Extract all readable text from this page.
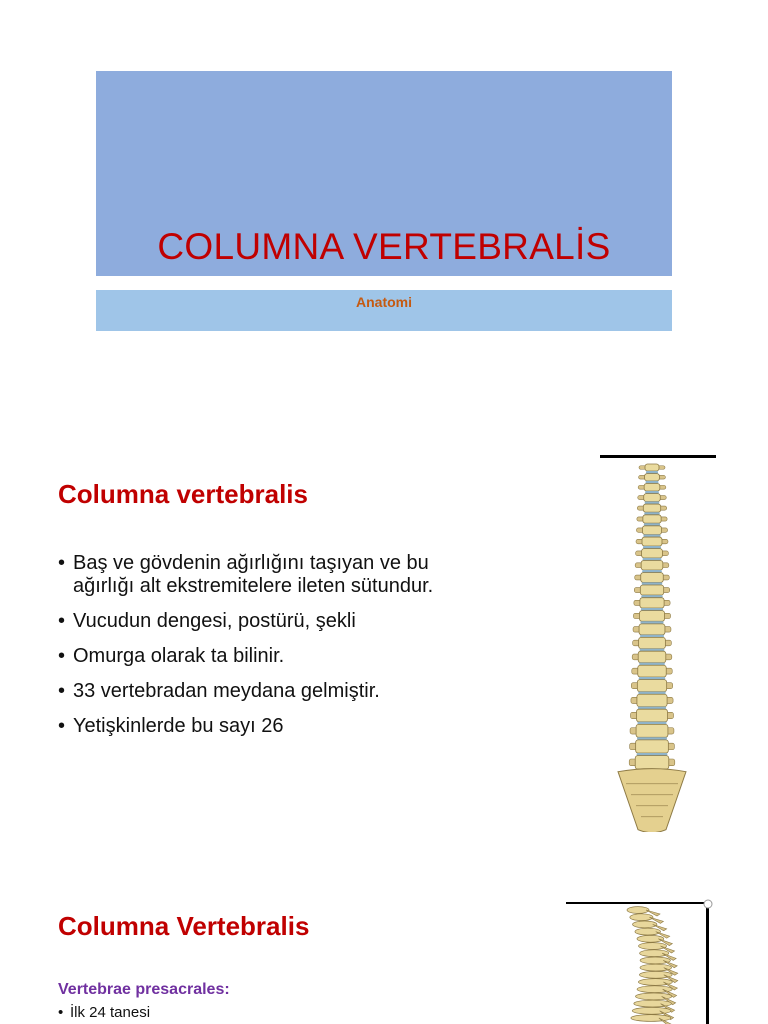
COLUMNA VERTEBRALİS
Anatomi
Columna vertebralis
• Baş ve gövdenin ağırlığını taşıyan ve bu
ağırlığı alt ekstremitelere ileten sütundur.
• Vucudun dengesi, postürü, şekli
• Omurga olarak ta bilinir.
• 33 vertebradan meydana gelmiştir.
• Yetişkinlerde bu sayı 26
Columna Vertebralis
Vertebrae presacrales:
• İlk 24 tanesi
